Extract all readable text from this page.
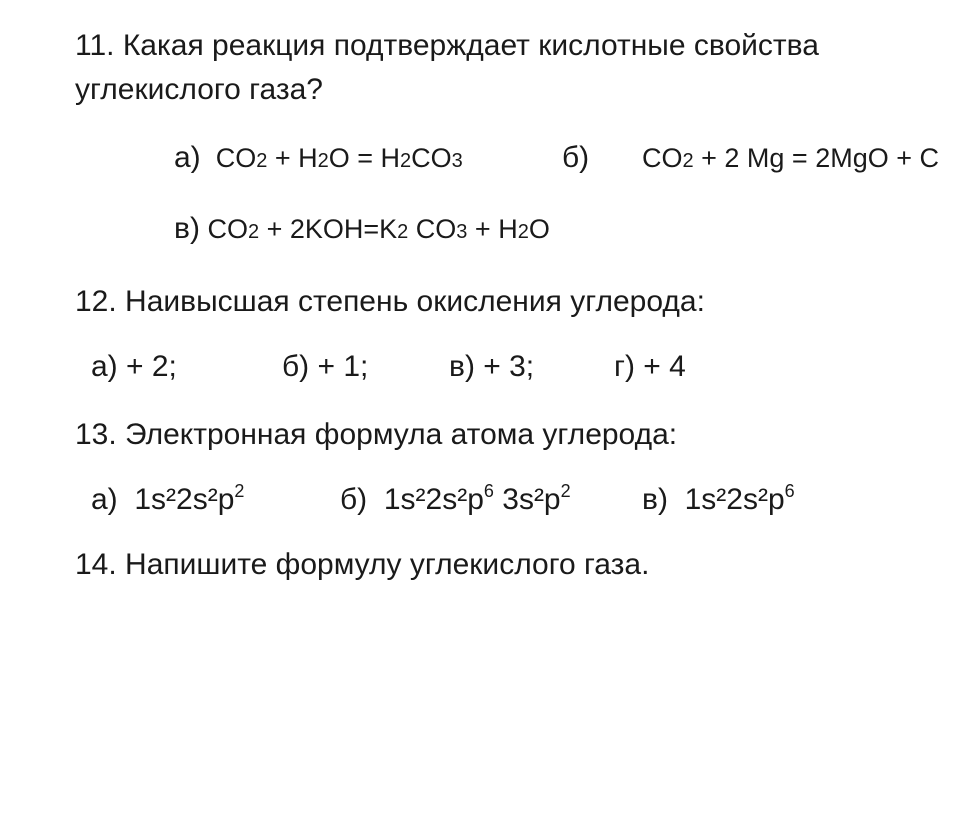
11. Какая реакция подтверждает кислотные свойства
углекислого газа?
а) CO2 + H2O = H2CO3	б) CO2 + 2 Mg = 2MgO + C
в) CO2 + 2KOH=K2 CO3 + H2O
12. Наивысшая степень окисления углерода:
а) + 2;	б) + 1;	в) + 3;	г) + 4
13. Электронная формула атома углерода:
а) $1s^22s^2p^2$	б) $1s^22s^2p^6$ $3s^2p^2$ в) $1s^22s^2p^6$
14. Напишите формулу углекислого газа.
